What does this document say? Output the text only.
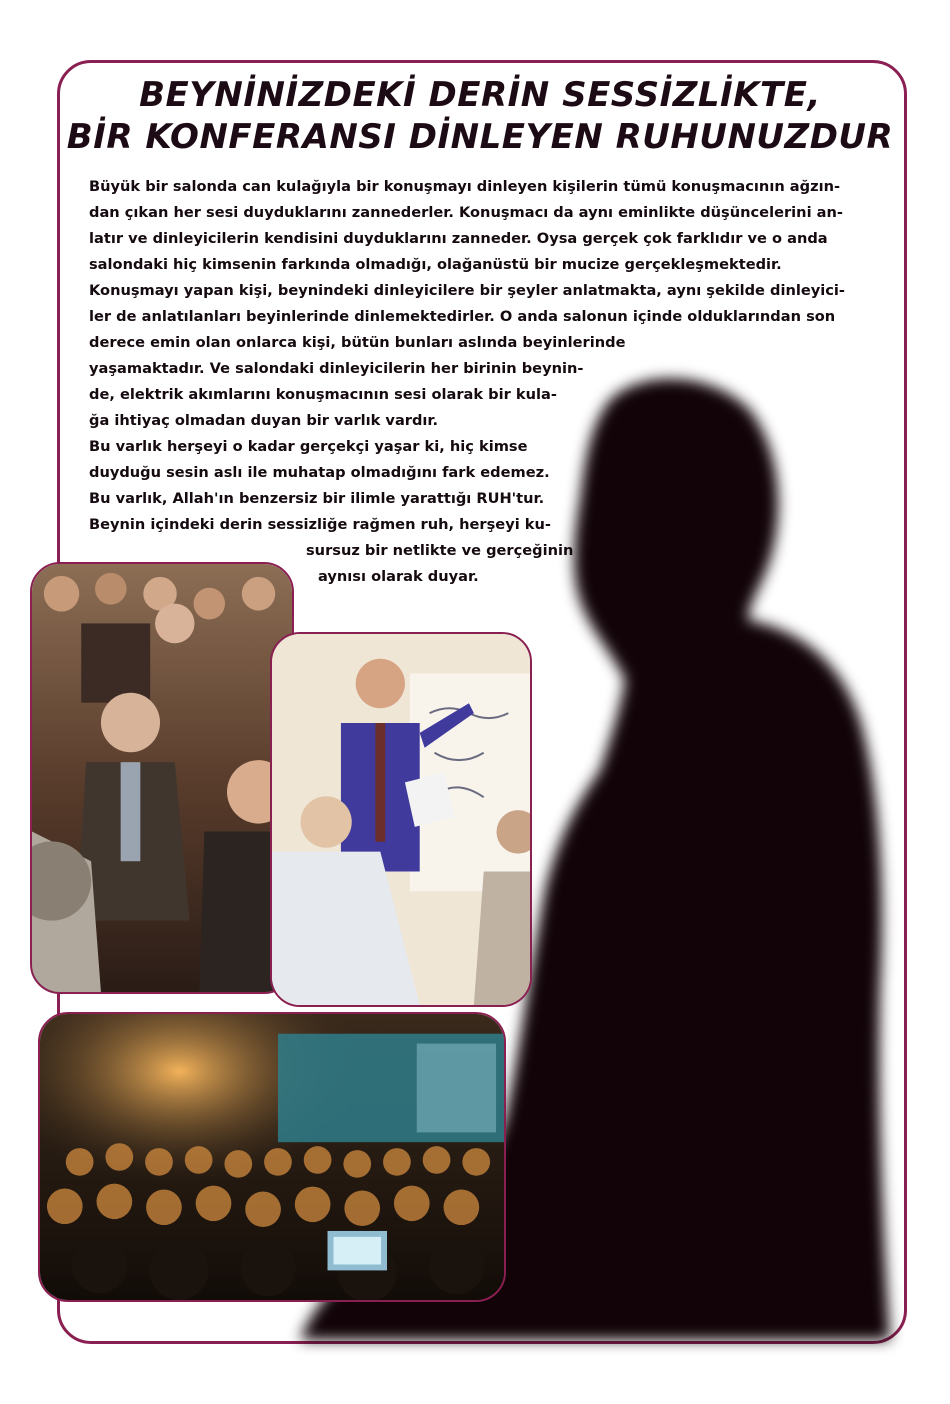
BEYNİNİZDEKİ DERİN SESSİZLİKTE,
BİR KONFERANSI DİNLEYEN RUHUNUZDUR

Büyük bir salonda can kulağıyla bir konuşmayı dinleyen kişilerin tümü konuşmacının ağzın-

dan çıkan her sesi duyduklarını zannederler. Konuşmacı da aynı eminlikte düşüncelerini an-

latır ve dinleyicilerin kendisini duyduklarını zanneder. Oysa gerçek çok farklıdır ve o anda

salondaki hiç kimsenin farkında olmadığı, olağanüstü bir mucize gerçekleşmektedir.

Konuşmayı yapan kişi, beynindeki dinleyicilere bir şeyler anlatmakta, aynı şekilde dinleyici-

ler de anlatılanları beyinlerinde dinlemektedirler. O anda salonun içinde olduklarından son

derece emin olan onlarca kişi, bütün bunları aslında beyinlerinde

yaşamaktadır. Ve salondaki dinleyicilerin her birinin beynin-

de, elektrik akımlarını konuşmacının sesi olarak bir kula-

ğa ihtiyaç olmadan duyan bir varlık vardır.

Bu varlık herşeyi o kadar gerçekçi yaşar ki, hiç kimse

duyduğu sesin aslı ile muhatap olmadığını fark edemez.

Bu varlık, Allah'ın benzersiz bir ilimle yarattığı RUH'tur.

Beynin içindeki derin sessizliğe rağmen ruh, herşeyi ku-

sursuz bir netlikte ve gerçeğinin

aynısı olarak duyar.
